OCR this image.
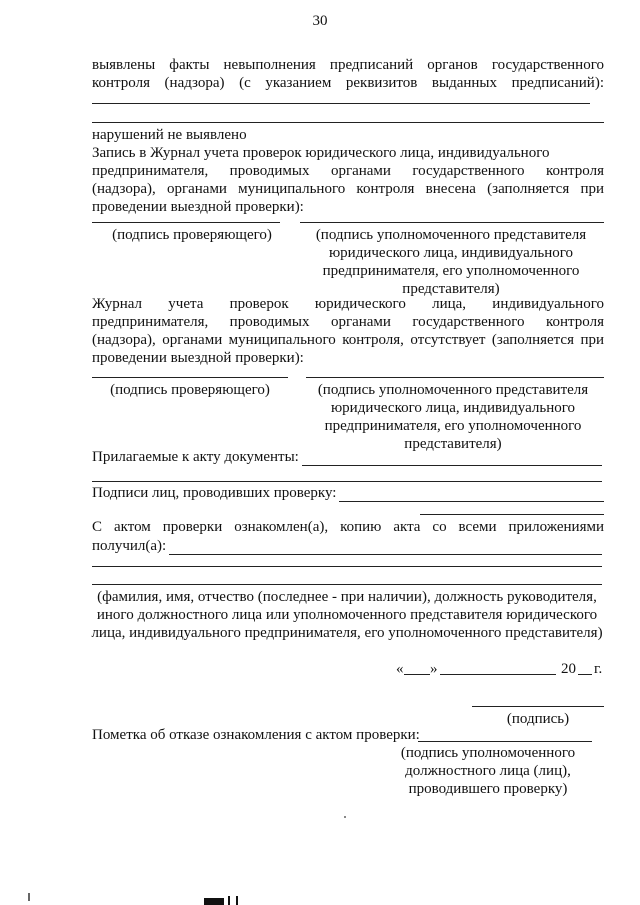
30
выявлены факты невыполнения предписаний органов государственного
контроля (надзора) (с указанием реквизитов выданных предписаний):
нарушений не выявлено
Запись в Журнал учета проверок юридического лица, индивидуального
предпринимателя, проводимых органами государственного контроля
(надзора), органами муниципального контроля внесена (заполняется при
проведении выездной проверки):
(подпись проверяющего)	(подпись уполномоченного представителя
юридического лица, индивидуального
предпринимателя, его уполномоченного
представителя)
Журнал учета проверок юридического лица, индивидуального
предпринимателя, проводимых органами государственного контроля
(надзора), органами муниципального контроля, отсутствует (заполняется при
проведении выездной проверки):
(подпись проверяющего)	(подпись уполномоченного представителя
юридического лица, индивидуального
предпринимателя, его уполномоченного
представителя)
Прилагаемые к акту документы:
Подписи лиц, проводивших проверку:
С актом проверки ознакомлен(а), копию акта со всеми приложениями
получил(а):
(фамилия, имя, отчество (последнее - при наличии), должность руководителя,
иного должностного лица или уполномоченного представителя юридического
лица, индивидуального предпринимателя, его уполномоченного представителя)
« »	20 г.
(подпись)
Пометка об отказе ознакомления с актом проверки:
(подпись уполномоченного
должностного лица (лиц),
проводившего проверку)
